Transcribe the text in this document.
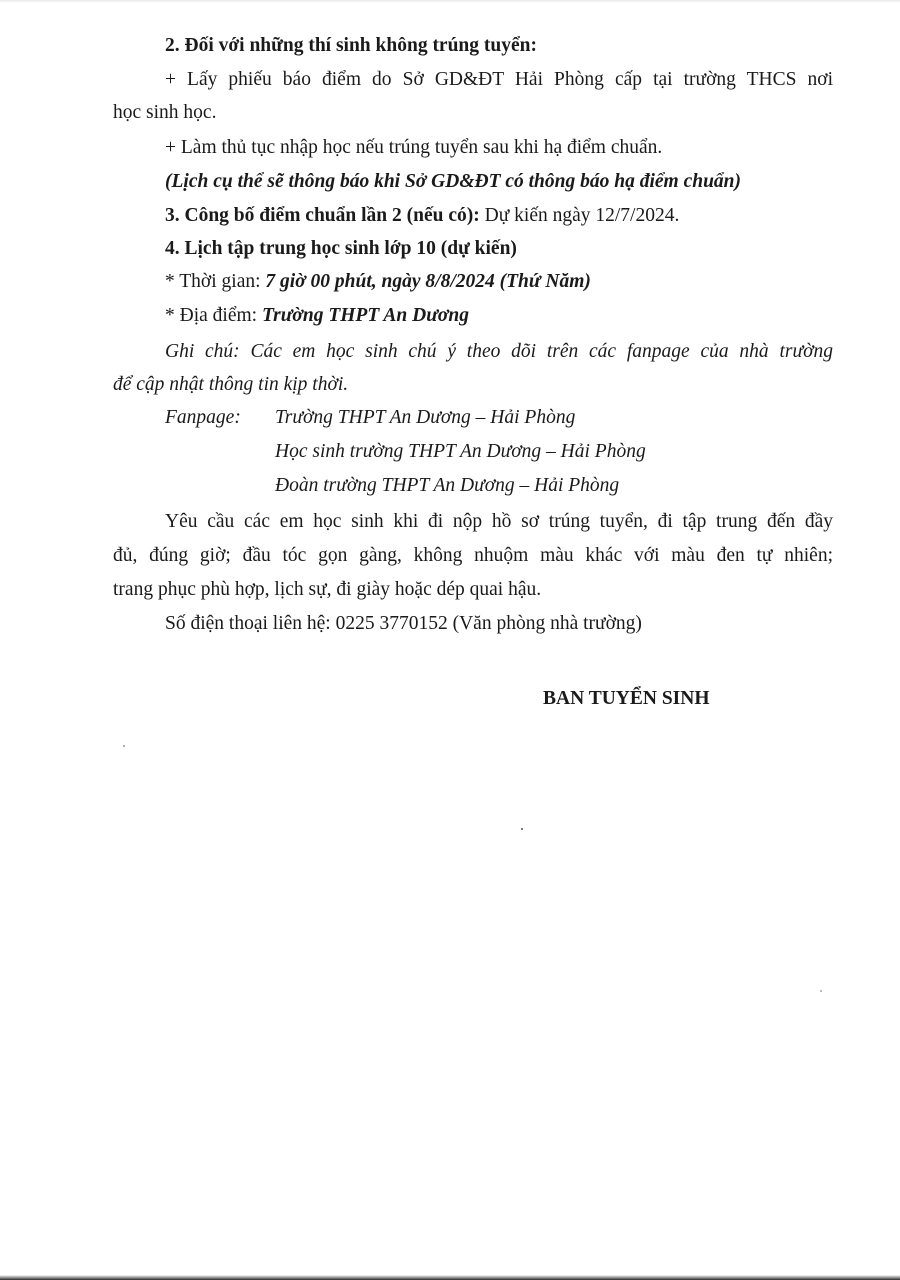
2. Đối với những thí sinh không trúng tuyển:
+ Lấy phiếu báo điểm do Sở GD&ĐT Hải Phòng cấp tại trường THCS nơi
học sinh học.
+ Làm thủ tục nhập học nếu trúng tuyển sau khi hạ điểm chuẩn.
(Lịch cụ thể sẽ thông báo khi Sở GD&ĐT có thông báo hạ điểm chuẩn)
3. Công bố điểm chuẩn lần 2 (nếu có): Dự kiến ngày 12/7/2024.
4. Lịch tập trung học sinh lớp 10 (dự kiến)
* Thời gian: 7 giờ 00 phút, ngày 8/8/2024 (Thứ Năm)
* Địa điểm: Trường THPT An Dương
Ghi chú: Các em học sinh chú ý theo dõi trên các fanpage của nhà trường
để cập nhật thông tin kịp thời.
Fanpage: Trường THPT An Dương – Hải Phòng
Học sinh trường THPT An Dương – Hải Phòng
Đoàn trường THPT An Dương – Hải Phòng
Yêu cầu các em học sinh khi đi nộp hồ sơ trúng tuyển, đi tập trung đến đầy
đủ, đúng giờ; đầu tóc gọn gàng, không nhuộm màu khác với màu đen tự nhiên;
trang phục phù hợp, lịch sự, đi giày hoặc dép quai hậu.
Số điện thoại liên hệ: 0225 3770152 (Văn phòng nhà trường)
BAN TUYỂN SINH
